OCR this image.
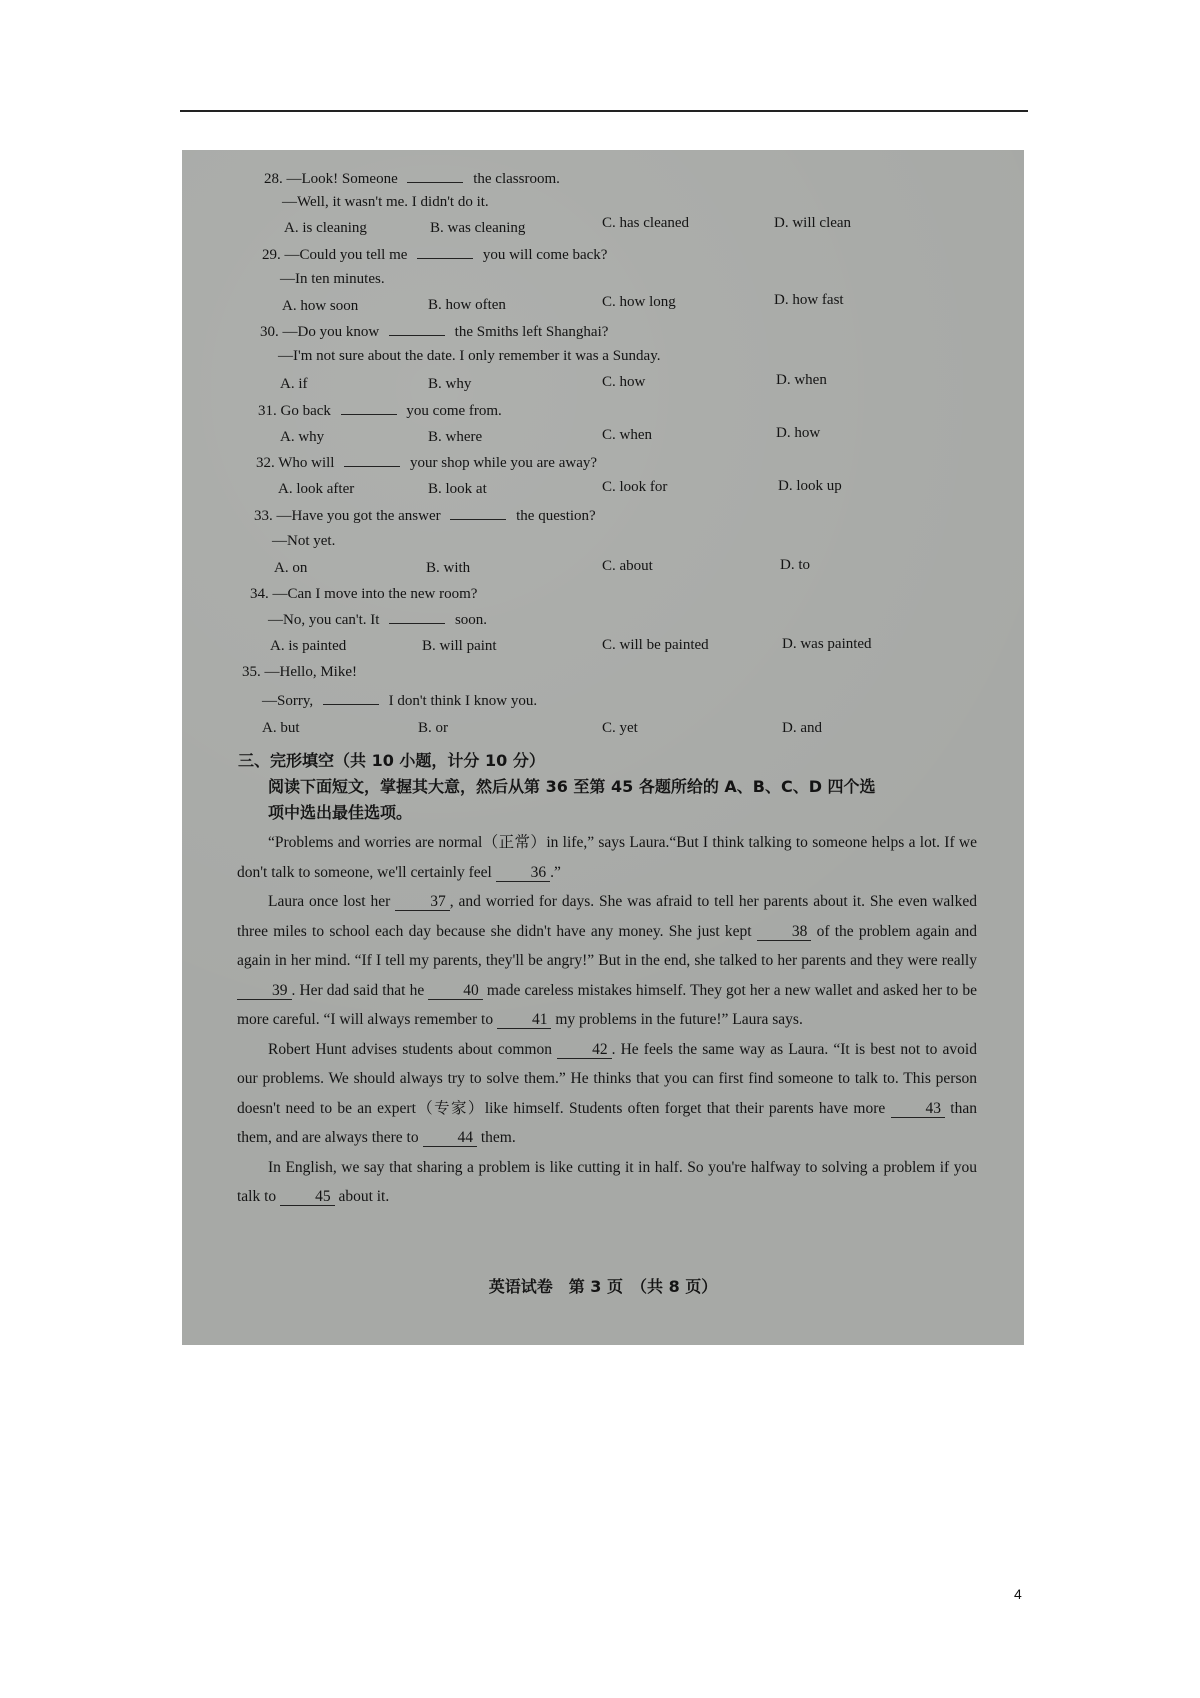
28. —Look! Someone	the classroom.
—Well, it wasn't me. I didn't do it.
A. is cleaning	B. was cleaning	C. has cleaned	D. will clean
29. —Could you tell me	you will come back?
—In ten minutes.
A. how soon	B. how often	C. how long	D. how fast
30. —Do you know	the Smiths left Shanghai?
—I'm not sure about the date. I only remember it was a Sunday.
A. if	B. why	C. how	D. when
31. Go back	you come from.
A. why	B. where	C. when	D. how
32. Who will	your shop while you are away?
A. look after	B. look at	C. look for	D. look up
33. —Have you got the answer	the question?
—Not yet.
A. on	B. with	C. about	D. to
34. —Can I move into the new room?
—No, you can't. It	soon.
A. is painted	B. will paint	C. will be painted	D. was painted
35. —Hello, Mike!
—Sorry,	I don't think I know you.
A. but	B. or	C. yet	D. and
三、完形填空（共 10 小题，计分 10 分）
阅读下面短文，掌握其大意，然后从第 36 至第 45 各题所给的 A、B、C、D 四个选
项中选出最佳选项。

“Problems and worries are normal（正常）in life,” says Laura.“But I think talking to someone helps a lot. If we don't talk to someone, we'll certainly feel 36 .”

Laura once lost her 37 , and worried for days. She was afraid to tell her parents about it. She even walked three miles to school each day because she didn't have any money. She just kept 38 of the problem again and again in her mind. “If I tell my parents, they'll be angry!” But in the end, she talked to her parents and they were really 39 . Her dad said that he 40 made careless mistakes himself. They got her a new wallet and asked her to be more careful. “I will always remember to 41 my problems in the future!” Laura says.

Robert Hunt advises students about common 42 . He feels the same way as Laura. “It is best not to avoid our problems. We should always try to solve them.” He thinks that you can first find someone to talk to. This person doesn't need to be an expert（专家）like himself. Students often forget that their parents have more 43 than them, and are always there to 44 them.

In English, we say that sharing a problem is like cutting it in half. So you're halfway to solving a problem if you talk to 45 about it.

英语试卷　第 3 页　（共 8 页）
4
